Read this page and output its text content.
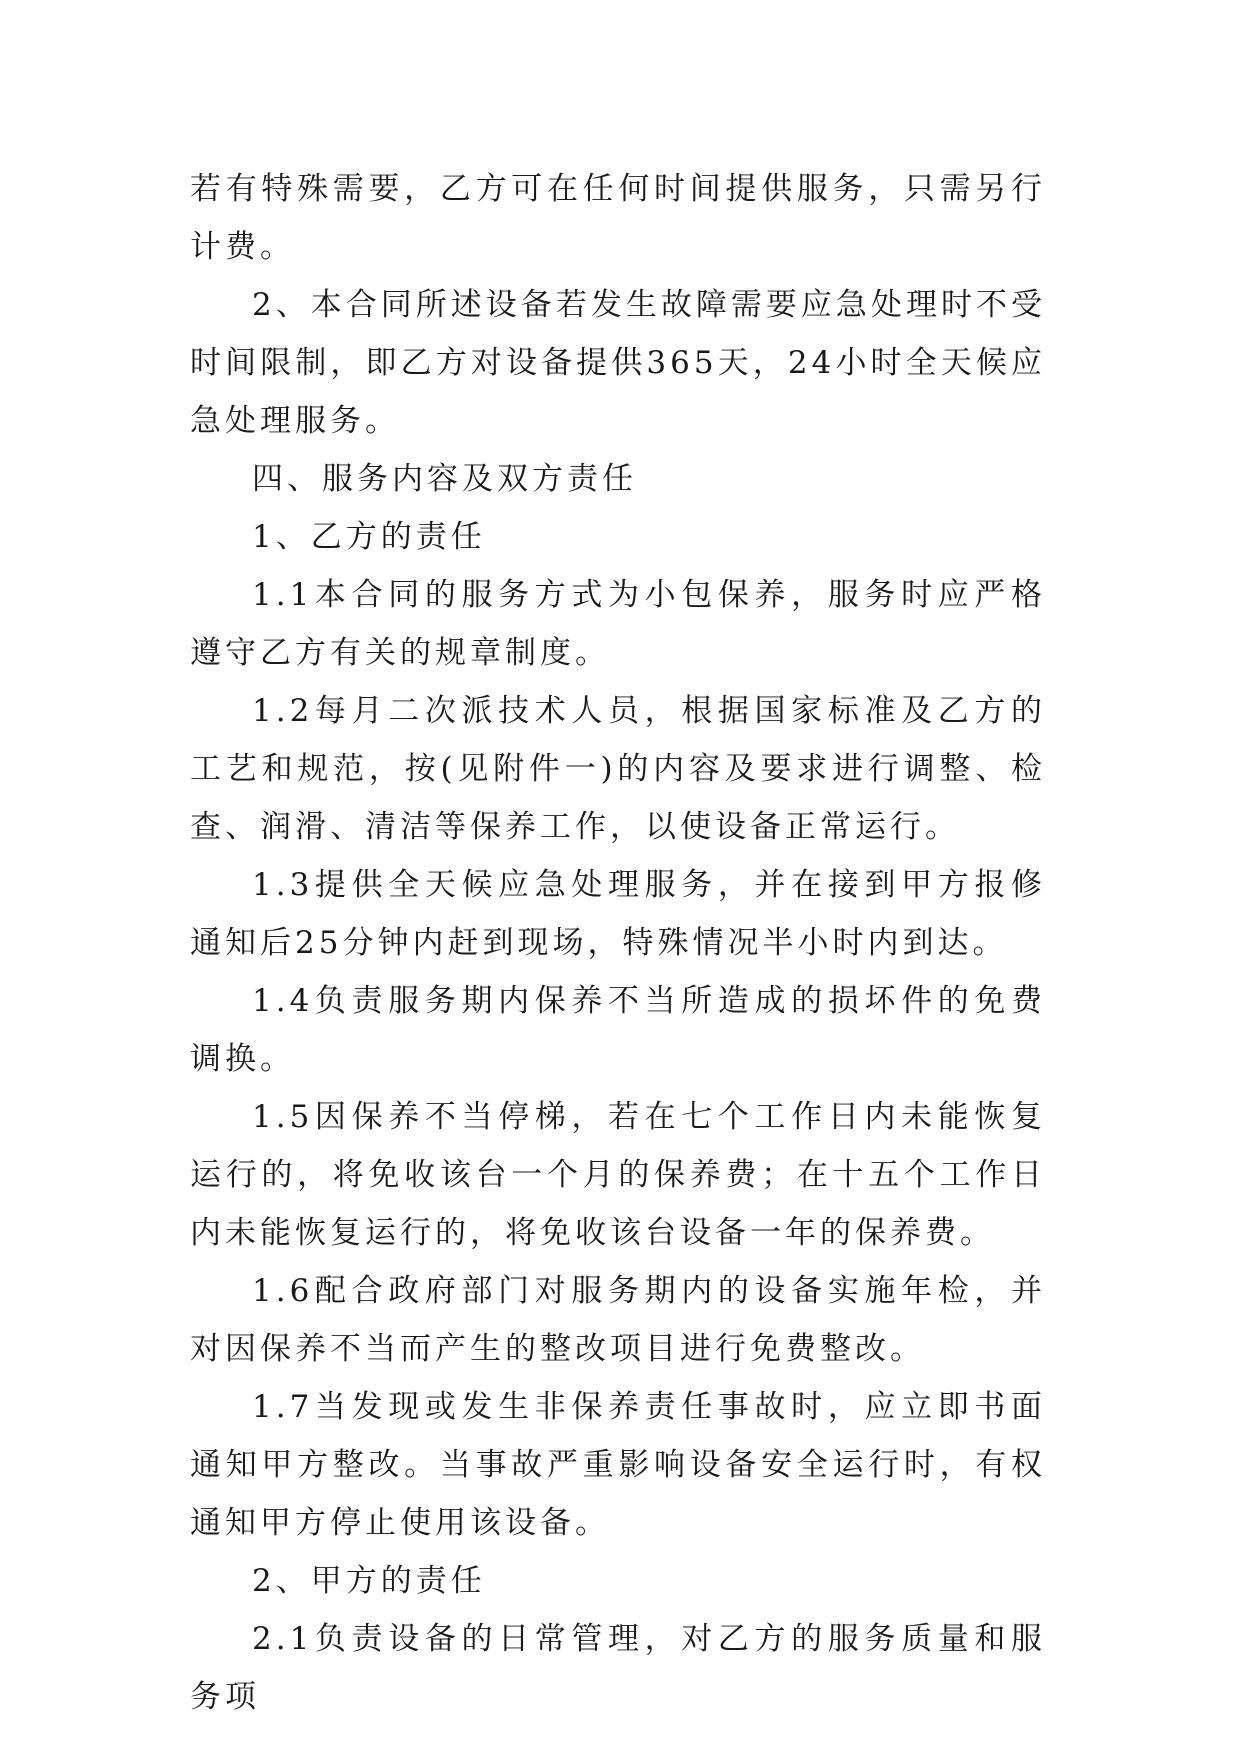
若有特殊需要，乙方可在任何时间提供服务，只需另行计费。

2、本合同所述设备若发生故障需要应急处理时不受时间限制，即乙方对设备提供365天，24小时全天候应急处理服务。

四、服务内容及双方责任

1、乙方的责任

1.1本合同的服务方式为小包保养，服务时应严格遵守乙方有关的规章制度。

1.2每月二次派技术人员，根据国家标准及乙方的工艺和规范，按(见附件一)的内容及要求进行调整、检查、润滑、清洁等保养工作，以使设备正常运行。

1.3提供全天候应急处理服务，并在接到甲方报修通知后25分钟内赶到现场，特殊情况半小时内到达。

1.4负责服务期内保养不当所造成的损坏件的免费调换。

1.5因保养不当停梯，若在七个工作日内未能恢复运行的，将免收该台一个月的保养费；在十五个工作日内未能恢复运行的，将免收该台设备一年的保养费。

1.6配合政府部门对服务期内的设备实施年检，并对因保养不当而产生的整改项目进行免费整改。

1.7当发现或发生非保养责任事故时，应立即书面通知甲方整改。当事故严重影响设备安全运行时，有权通知甲方停止使用该设备。

2、甲方的责任

2.1负责设备的日常管理，对乙方的服务质量和服务项
